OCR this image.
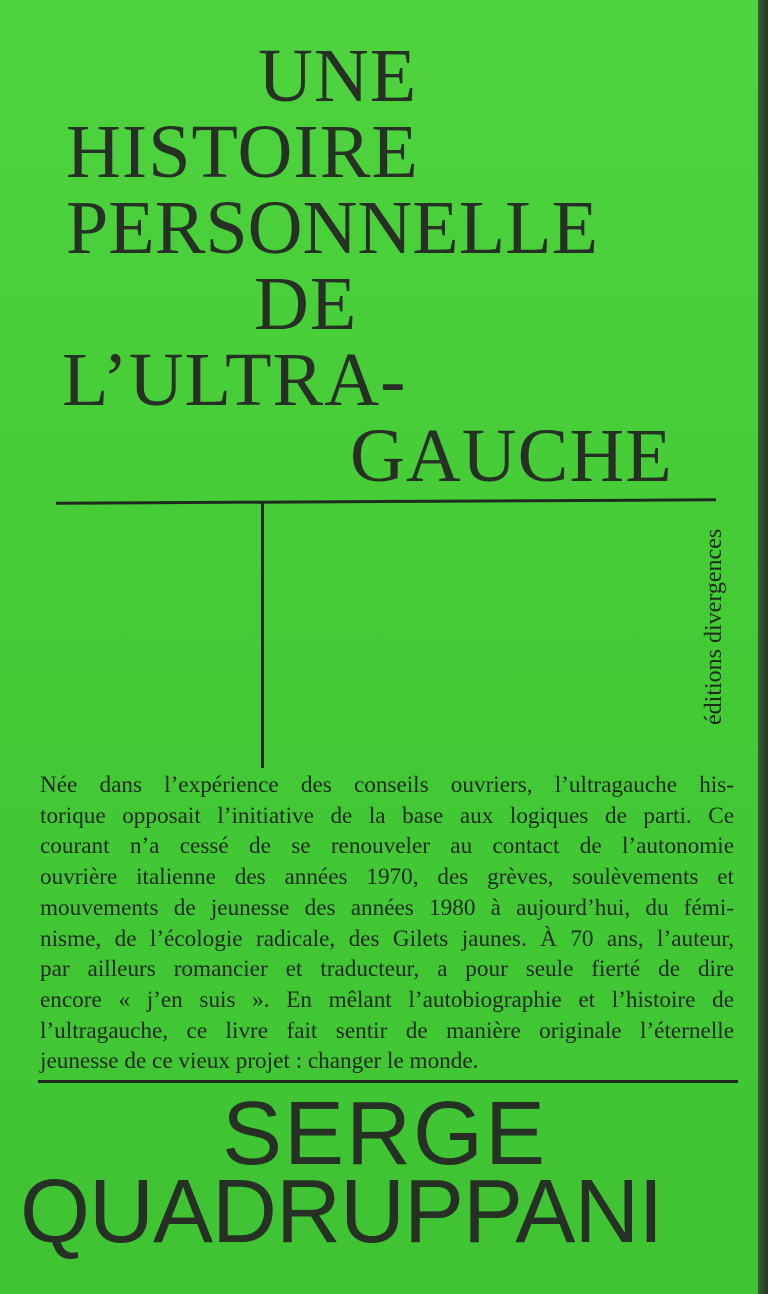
UNE
HISTOIRE
PERSONNELLE
DE
L’ULTRA-
GAUCHE
éditions divergences
Née dans l’expérience des conseils ouvriers, l’ultragauche his-
torique opposait l’initiative de la base aux logiques de parti. Ce
courant n’a cessé de se renouveler au contact de l’autonomie
ouvrière italienne des années 1970, des grèves, soulèvements et
mouvements de jeunesse des années 1980 à aujourd’hui, du fémi-
nisme, de l’écologie radicale, des Gilets jaunes. À 70 ans, l’auteur,
par ailleurs romancier et traducteur, a pour seule fierté de dire
encore « j’en suis ». En mêlant l’autobiographie et l’histoire de
l’ultragauche, ce livre fait sentir de manière originale l’éternelle
jeunesse de ce vieux projet : changer le monde.
SERGE
QUADRUPPANI
